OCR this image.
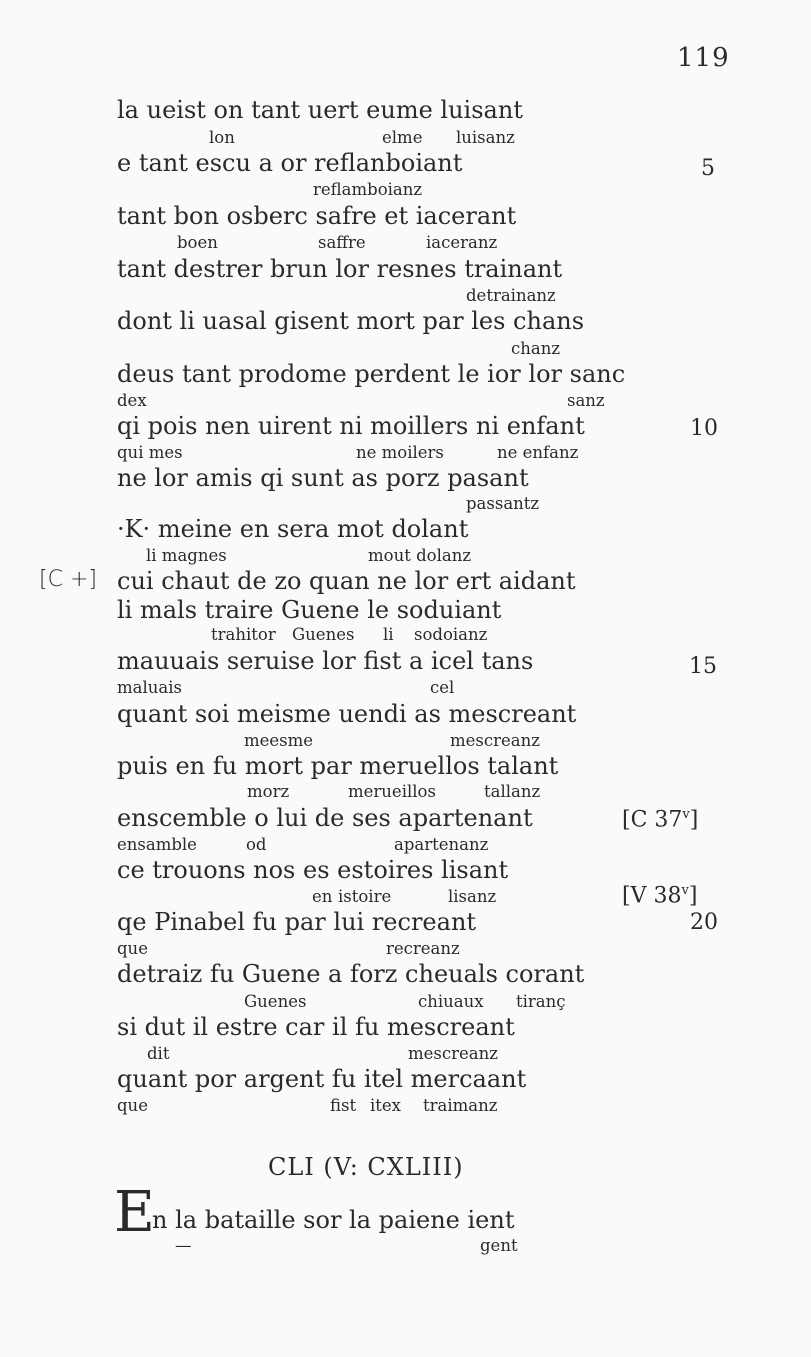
119
la ueist on tant uert eume luisant
lon	elme luisanz
e tant escu a or reflanboiant	5
reflamboianz
tant bon osberc safre et iacerant
boen	saffre	iaceranz
tant destrer brun lor resnes trainant
detrainanz
dont li uasal gisent mort par les chans
chanz
deus tant prodome perdent le ior lor sanc
dex	sanz
qi pois nen uirent ni moillers ni enfant	10
qui mes	ne moilers	ne enfanz
ne lor amis qi sunt as porz pasant
passantz
·K· meine en sera mot dolant
li magnes	mout dolanz
[C +] cui chaut de zo quan ne lor ert aidant
li mals traire Guene le soduiant
trahitor Guenes li sodoianz
mauuais seruise lor fist a icel tans	15
maluais	cel
quant soi meisme uendi as mescreant
meesme	mescreanz
puis en fu mort par meruellos talant
morz	merueillos	tallanz
enscemble o lui de ses apartenant	[C 37$^v$]
ensamble	od	apartenanz
ce trouons nos es estoires lisant
en istoire	lisanz	[V 38$^v$]
qe Pinabel fu par lui recreant	20
que	recreanz
detraiz fu Guene a forz cheuals corant
Guenes	chiuaux tiranç
si dut il estre car il fu mescreant
dit	mescreanz
quant por argent fu itel mercaant
que	fist itex traimanz
CLI (V: CXLIII)
E
n la bataille sor la paiene ient
—	gent
